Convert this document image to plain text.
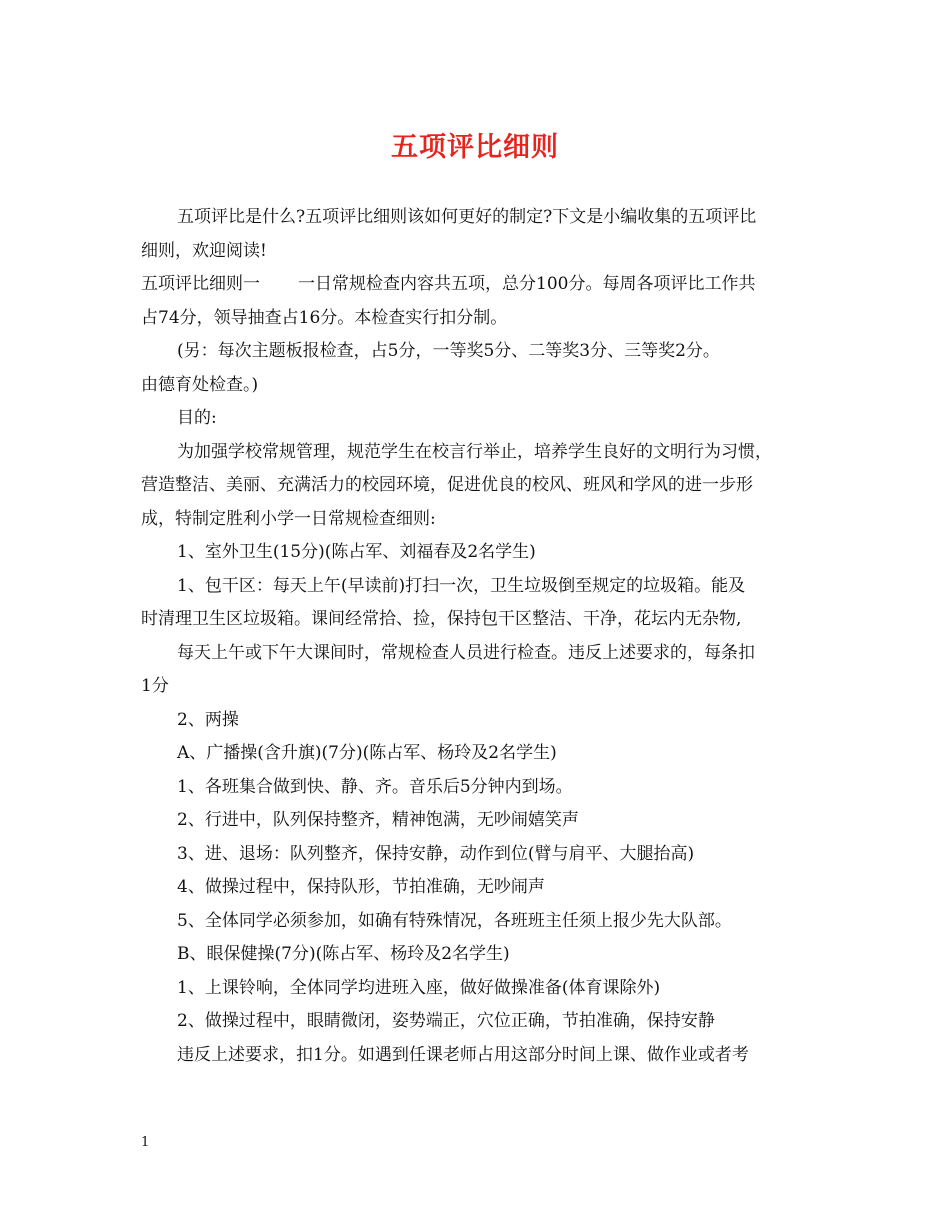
五项评比细则
五项评比是什么?五项评比细则该如何更好的制定?下文是小编收集的五项评比
细则，欢迎阅读!
五项评比细则一 一日常规检查内容共五项，总分100分。每周各项评比工作共
占74分，领导抽查占16分。本检查实行扣分制。
(另：每次主题板报检查，占5分，一等奖5分、二等奖3分、三等奖2分。
由德育处检查。)
目的:
为加强学校常规管理，规范学生在校言行举止，培养学生良好的文明行为习惯，
营造整洁、美丽、充满活力的校园环境，促进优良的校风、班风和学风的进一步形
成，特制定胜利小学一日常规检查细则:
1、室外卫生(15分)(陈占军、刘福春及2名学生)
1、包干区：每天上午(早读前)打扫一次，卫生垃圾倒至规定的垃圾箱。能及
时清理卫生区垃圾箱。课间经常拾、捡，保持包干区整洁、干净，花坛内无杂物,
每天上午或下午大课间时，常规检查人员进行检查。违反上述要求的，每条扣
1分
2、两操
A、广播操(含升旗)(7分)(陈占军、杨玲及2名学生)
1、各班集合做到快、静、齐。音乐后5分钟内到场。
2、行进中，队列保持整齐，精神饱满，无吵闹嬉笑声
3、进、退场：队列整齐，保持安静，动作到位(臂与肩平、大腿抬高)
4、做操过程中，保持队形，节拍准确，无吵闹声
5、全体同学必须参加，如确有特殊情况，各班班主任须上报少先大队部。
B、眼保健操(7分)(陈占军、杨玲及2名学生)
1、上课铃响，全体同学均进班入座，做好做操准备(体育课除外)
2、做操过程中，眼睛微闭，姿势端正，穴位正确，节拍准确，保持安静
违反上述要求，扣1分。如遇到任课老师占用这部分时间上课、做作业或者考
1
